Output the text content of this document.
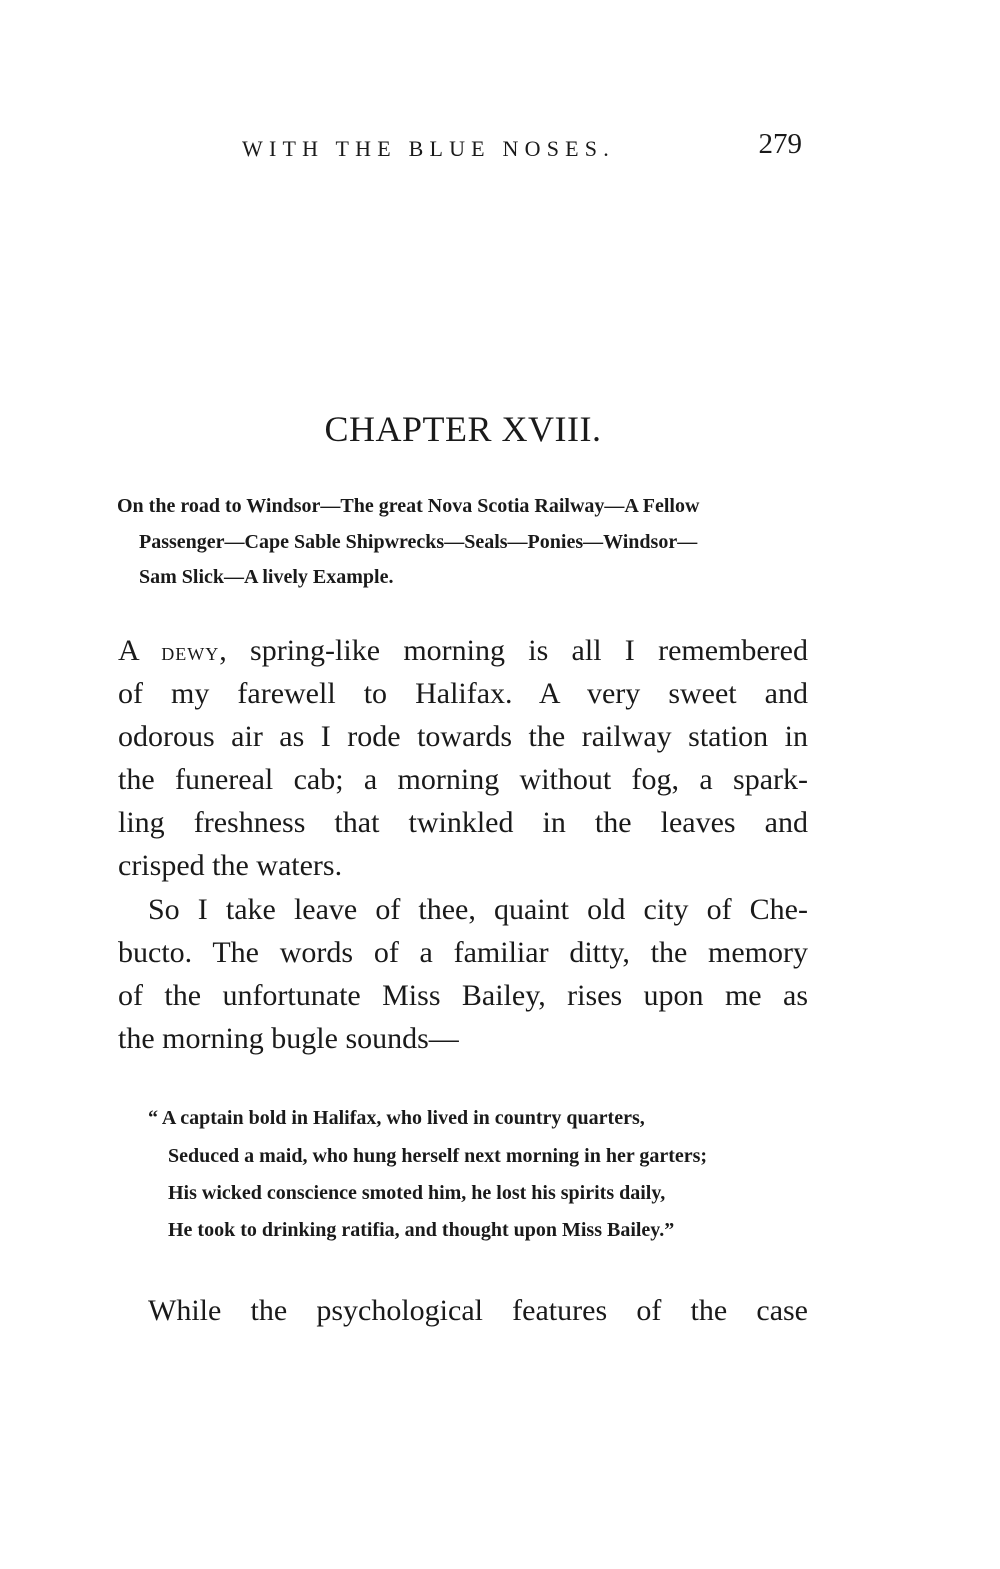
WITH THE BLUE NOSES.	279
CHAPTER XVIII.
On the road to Windsor—The great Nova Scotia Railway—A Fellow
Passenger—Cape Sable Shipwrecks—Seals—Ponies—Windsor—
Sam Slick—A lively Example.
A dewy, spring-like morning is all I remembered
of my farewell to Halifax. A very sweet and
odorous air as I rode towards the railway station in
the funereal cab; a morning without fog, a spark-
ling freshness that twinkled in the leaves and
crisped the waters.
So I take leave of thee, quaint old city of Che-
bucto. The words of a familiar ditty, the memory
of the unfortunate Miss Bailey, rises upon me as
the morning bugle sounds—
“ A captain bold in Halifax, who lived in country quarters,
Seduced a maid, who hung herself next morning in her garters;
His wicked conscience smoted him, he lost his spirits daily,
He took to drinking ratifia, and thought upon Miss Bailey.”
While the psychological features of the case
